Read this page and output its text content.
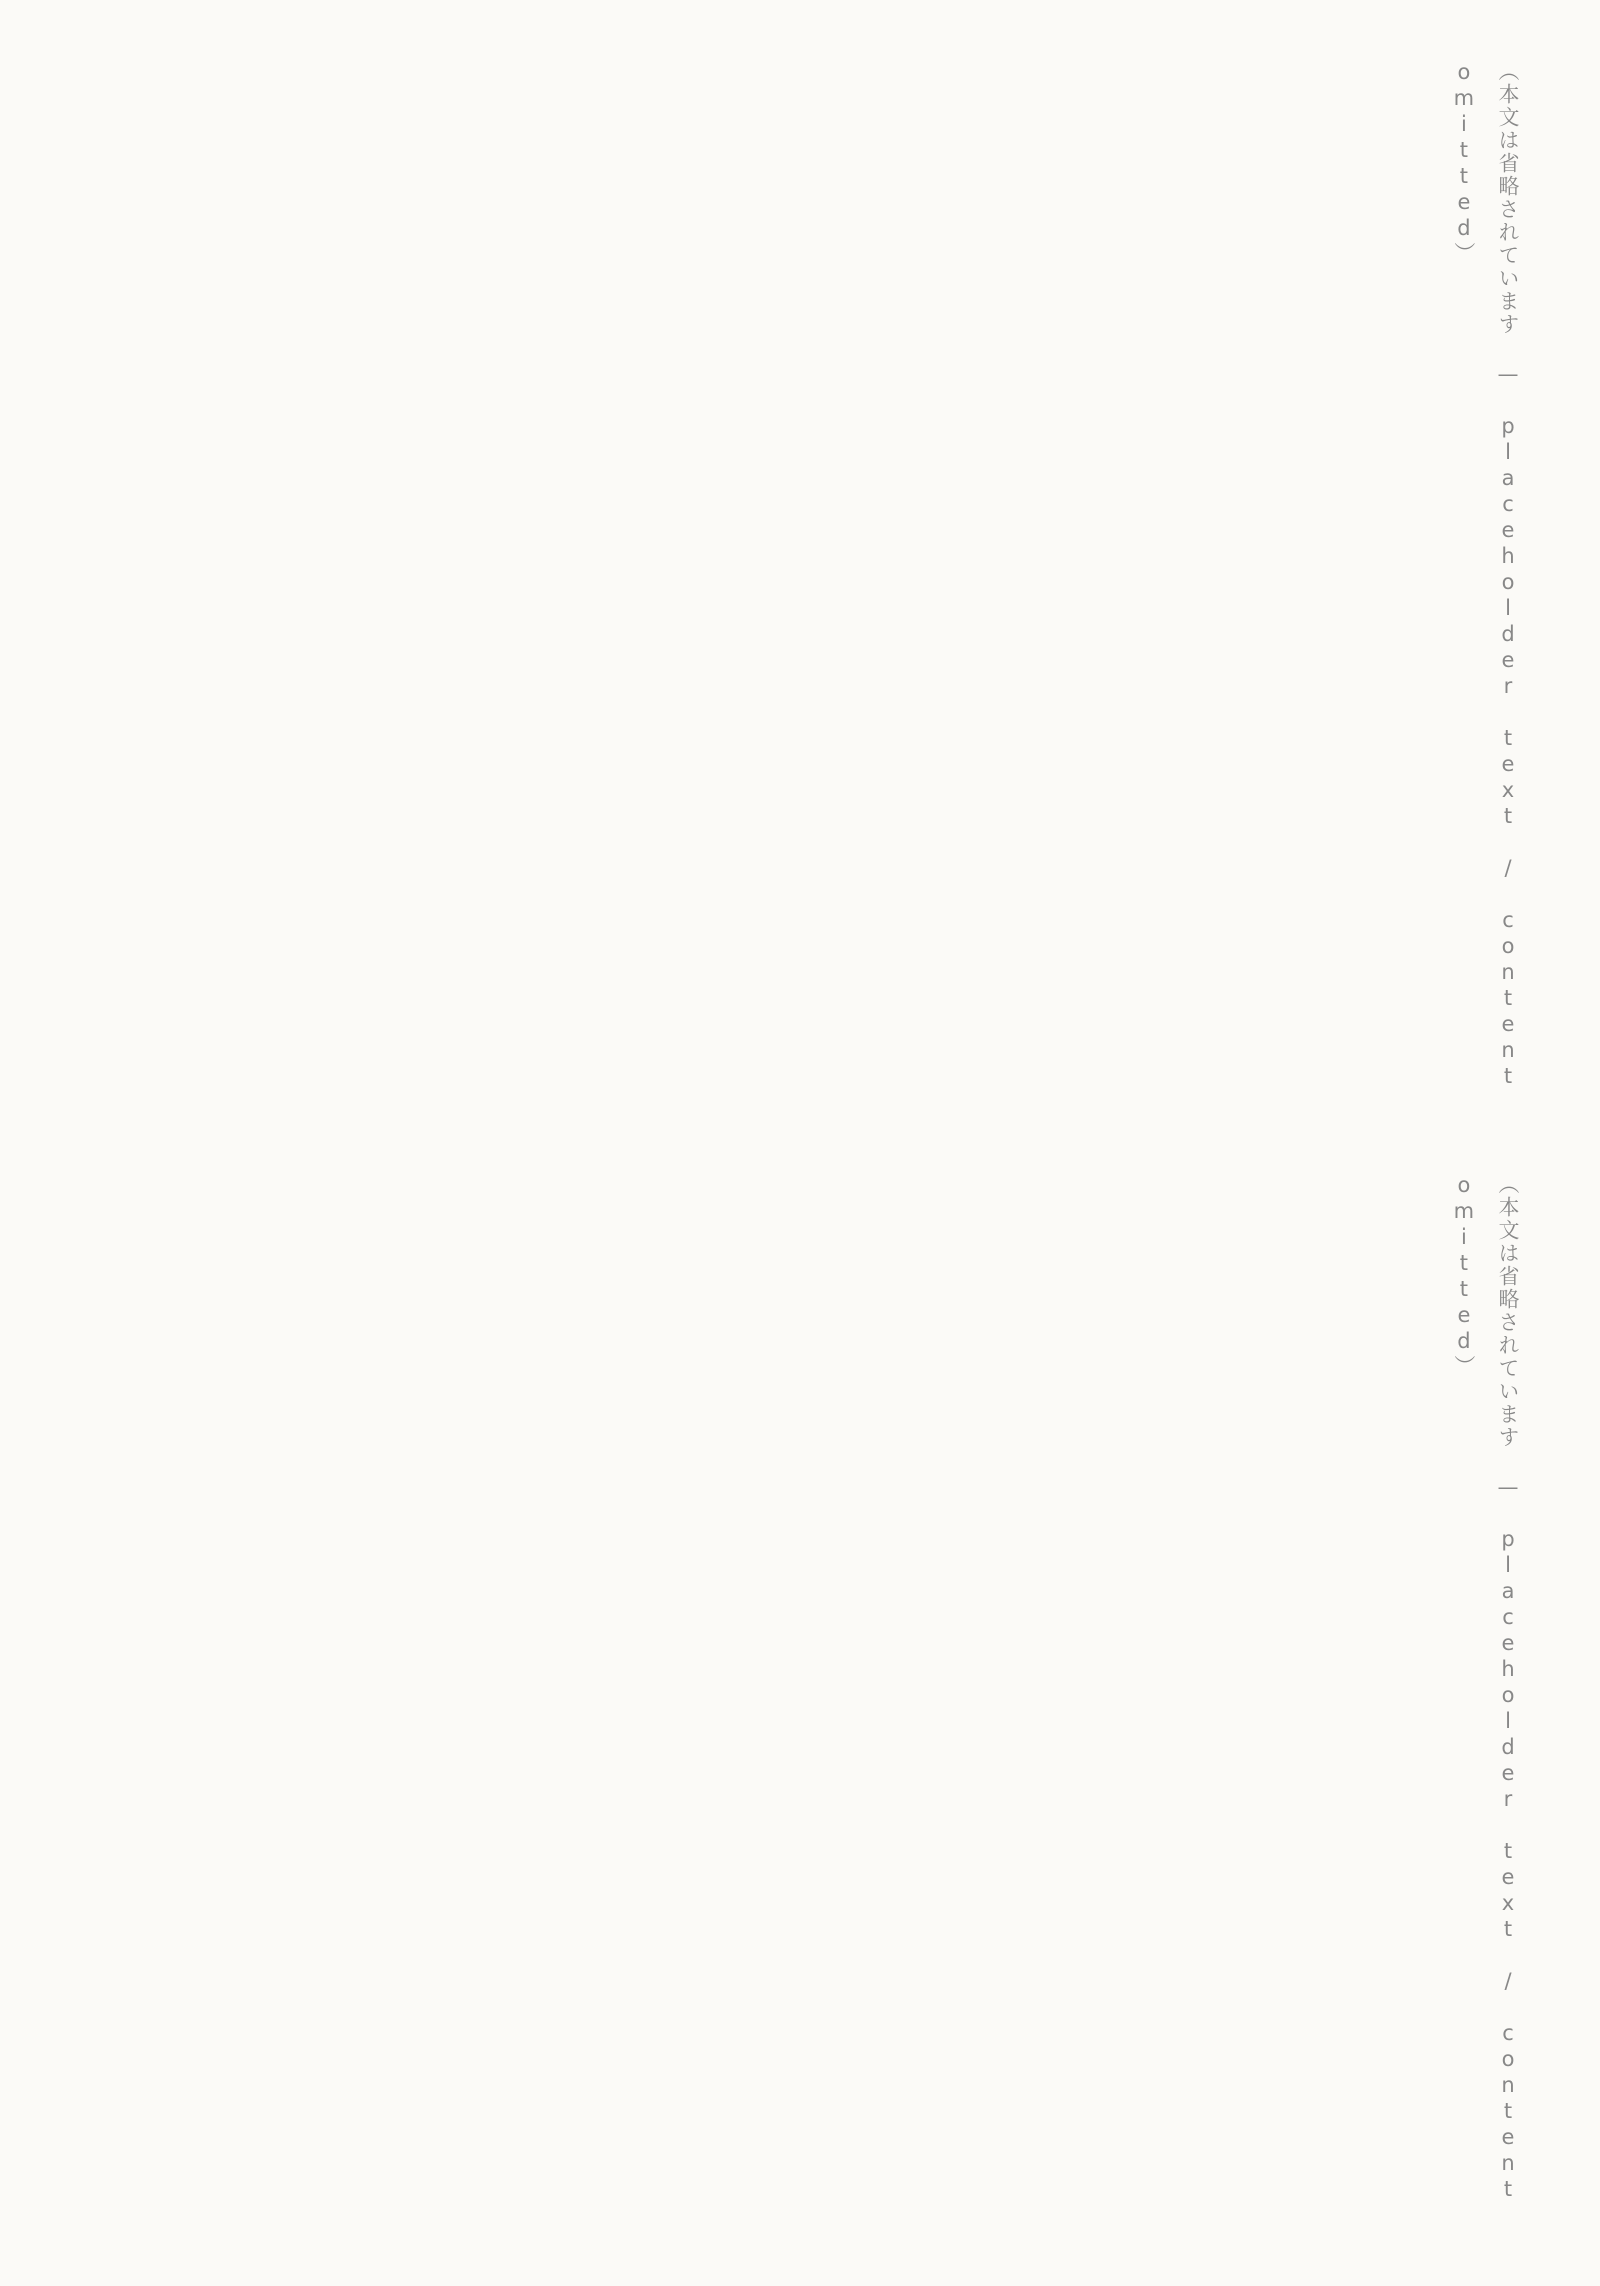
（本文は省略されています — placeholder text / content omitted）
（本文は省略されています — placeholder text / content omitted）
